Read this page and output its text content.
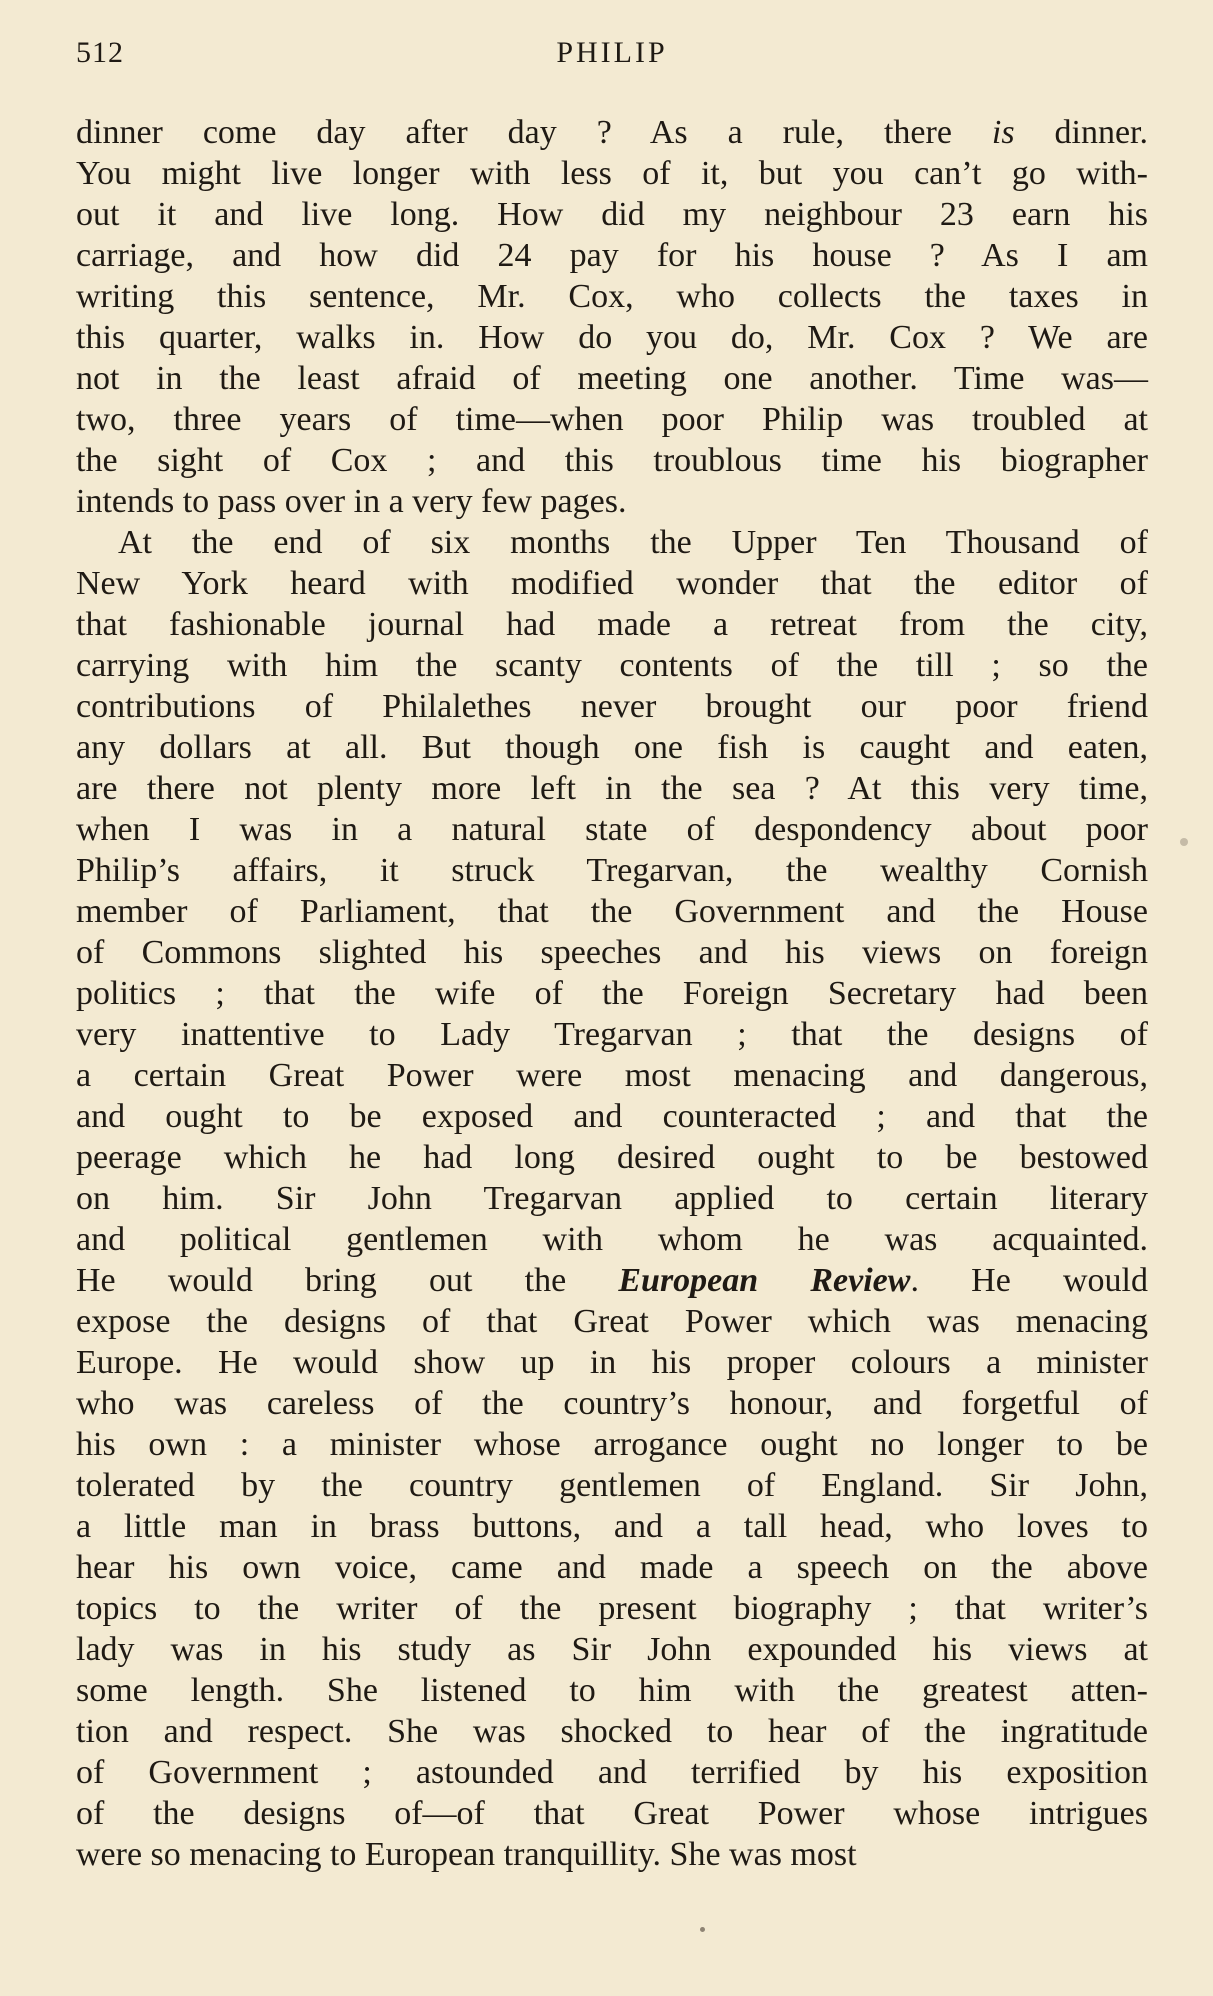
512	PHILIP
dinner come day after day ? As a rule, there is dinner.
You might live longer with less of it, but you can’t go with-
out it and live long. How did my neighbour 23 earn his
carriage, and how did 24 pay for his house ? As I am
writing this sentence, Mr. Cox, who collects the taxes in
this quarter, walks in. How do you do, Mr. Cox ? We are
not in the least afraid of meeting one another. Time was—
two, three years of time—when poor Philip was troubled at
the sight of Cox ; and this troublous time his biographer
intends to pass over in a very few pages.
At the end of six months the Upper Ten Thousand of
New York heard with modified wonder that the editor of
that fashionable journal had made a retreat from the city,
carrying with him the scanty contents of the till ; so the
contributions of Philalethes never brought our poor friend
any dollars at all. But though one fish is caught and eaten,
are there not plenty more left in the sea ? At this very time,
when I was in a natural state of despondency about poor
Philip’s affairs, it struck Tregarvan, the wealthy Cornish
member of Parliament, that the Government and the House
of Commons slighted his speeches and his views on foreign
politics ; that the wife of the Foreign Secretary had been
very inattentive to Lady Tregarvan ; that the designs of
a certain Great Power were most menacing and dangerous,
and ought to be exposed and counteracted ; and that the
peerage which he had long desired ought to be bestowed
on him. Sir John Tregarvan applied to certain literary
and political gentlemen with whom he was acquainted.
He would bring out the European Review. He would
expose the designs of that Great Power which was menacing
Europe. He would show up in his proper colours a minister
who was careless of the country’s honour, and forgetful of
his own : a minister whose arrogance ought no longer to be
tolerated by the country gentlemen of England. Sir John,
a little man in brass buttons, and a tall head, who loves to
hear his own voice, came and made a speech on the above
topics to the writer of the present biography ; that writer’s
lady was in his study as Sir John expounded his views at
some length. She listened to him with the greatest atten-
tion and respect. She was shocked to hear of the ingratitude
of Government ; astounded and terrified by his exposition
of the designs of—of that Great Power whose intrigues
were so menacing to European tranquillity. She was most
